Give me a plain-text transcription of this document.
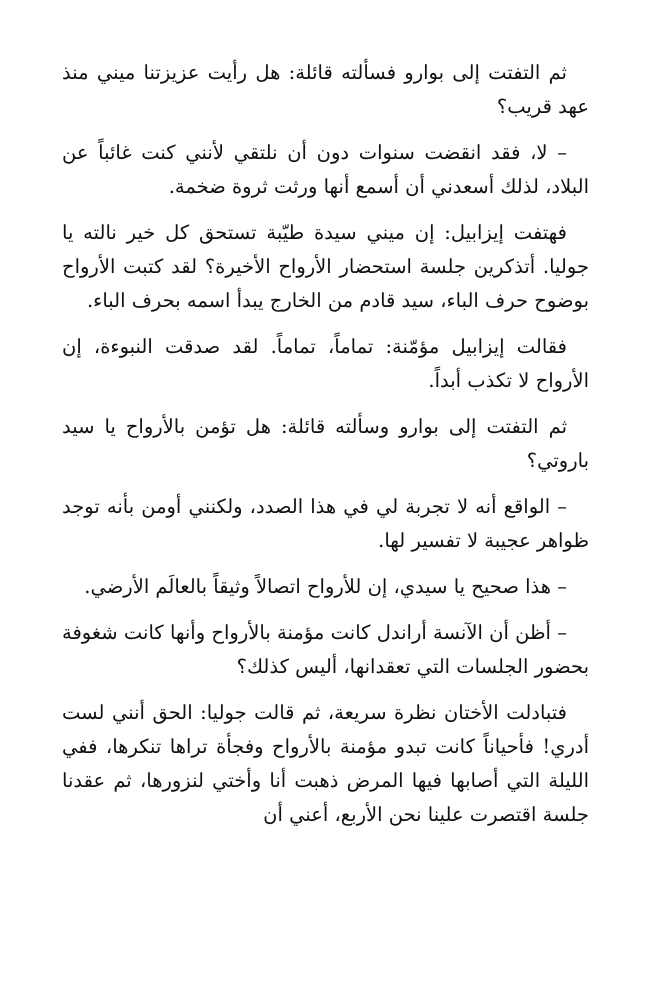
ثم التفتت إلى بوارو فسألته قائلة: هل رأيت عزيزتنا ميني منذ عهد قريب؟

– لا، فقد انقضت سنوات دون أن نلتقي لأنني كنت غائباً عن البلاد، لذلك أسعدني أن أسمع أنها ورثت ثروة ضخمة.

فهتفت إيزابيل: إن ميني سيدة طيّبة تستحق كل خير نالته يا جوليا. أتذكرين جلسة استحضار الأرواح الأخيرة؟ لقد كتبت الأرواح بوضوح حرف الباء، سيد قادم من الخارج يبدأ اسمه بحرف الباء.

فقالت إيزابيل مؤمّنة: تماماً، تماماً. لقد صدقت النبوءة، إن الأرواح لا تكذب أبداً.

ثم التفتت إلى بوارو وسألته قائلة: هل تؤمن بالأرواح يا سيد باروتي؟

– الواقع أنه لا تجربة لي في هذا الصدد، ولكنني أومن بأنه توجد ظواهر عجيبة لا تفسير لها.

– هذا صحيح يا سيدي، إن للأرواح اتصالاً وثيقاً بالعالَم الأرضي.

– أظن أن الآنسة أراندل كانت مؤمنة بالأرواح وأنها كانت شغوفة بحضور الجلسات التي تعقدانها، أليس كذلك؟

فتبادلت الأختان نظرة سريعة، ثم قالت جوليا: الحق أنني لست أدري! فأحياناً كانت تبدو مؤمنة بالأرواح وفجأة تراها تنكرها، ففي الليلة التي أصابها فيها المرض ذهبت أنا وأختي لنزورها، ثم عقدنا جلسة اقتصرت علينا نحن الأربع، أعني أن
